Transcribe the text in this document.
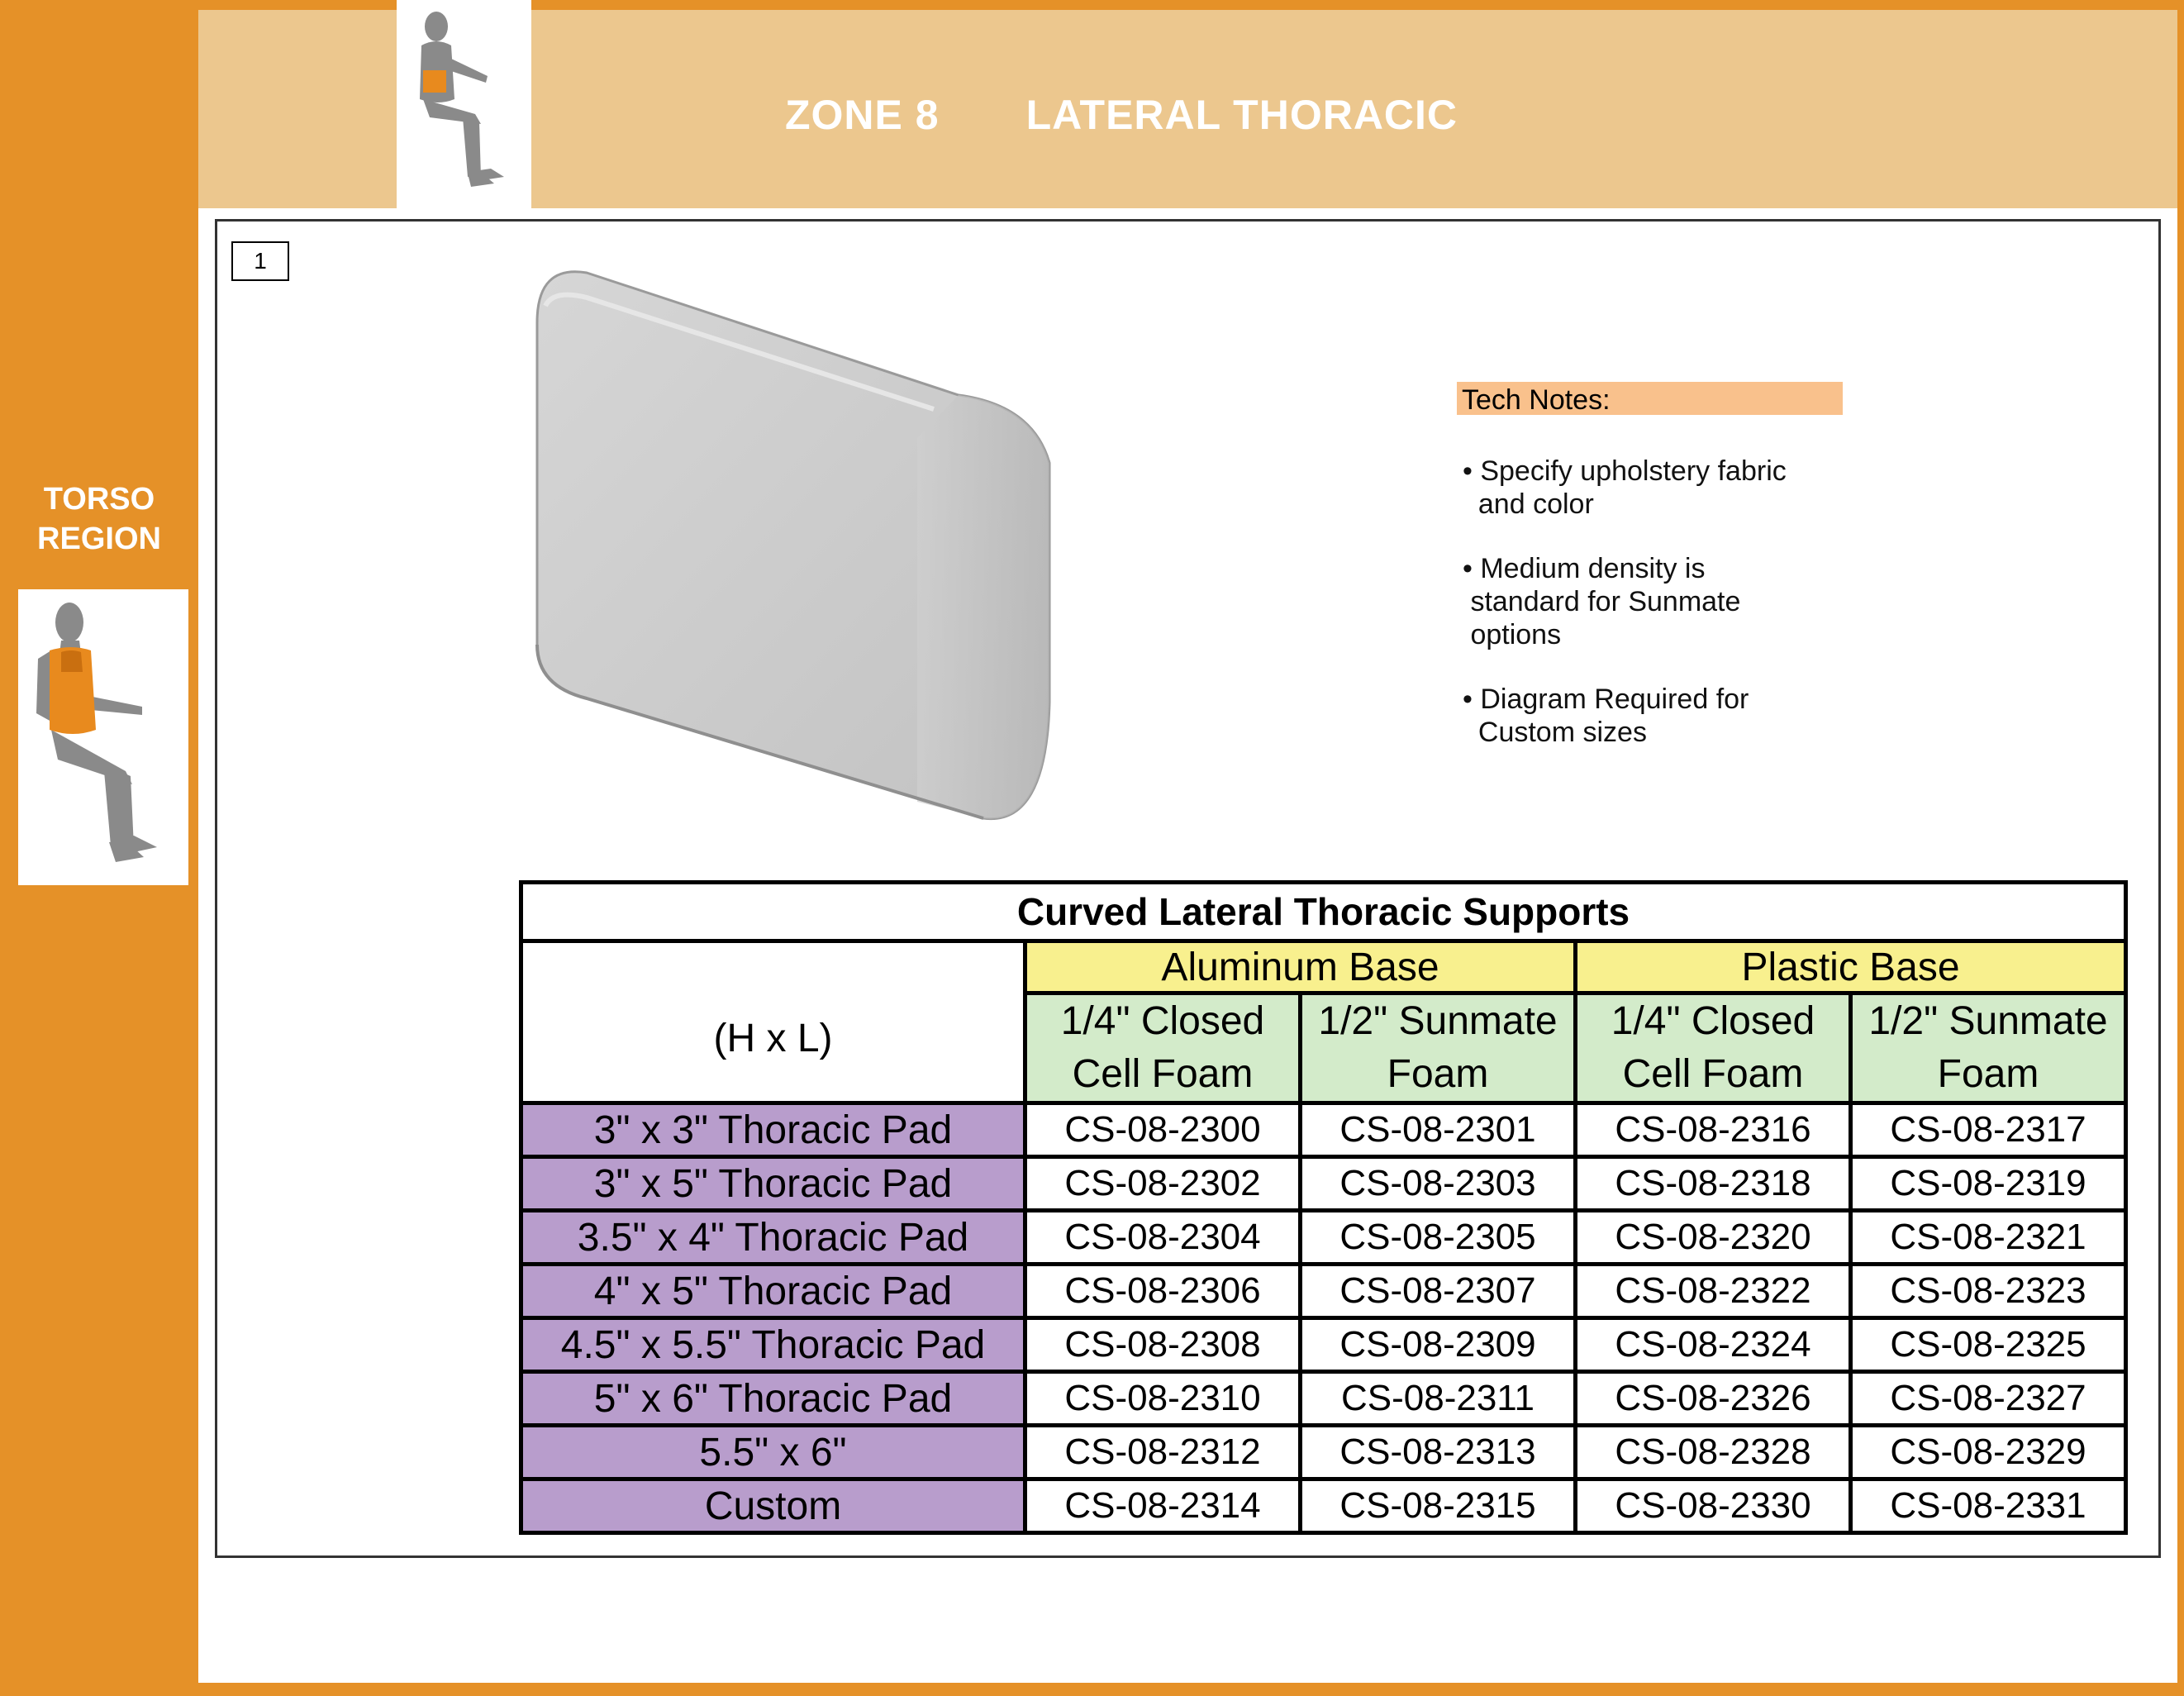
ZONE 8 LATERAL THORACIC
TORSO
REGION
1
Tech Notes:
• Specify upholstery fabric
and color
• Medium density is
standard for Sunmate
options
• Diagram Required for
Custom sizes
Curved Lateral Thoracic Supports				
(H x L)	Aluminum Base		Plastic Base	
	1/4" Closed Cell Foam	1/2" Sunmate Foam	1/4" Closed Cell Foam	1/2" Sunmate Foam
3" x 3" Thoracic Pad	CS-08-2300	CS-08-2301	CS-08-2316	CS-08-2317
3" x 5" Thoracic Pad	CS-08-2302	CS-08-2303	CS-08-2318	CS-08-2319
3.5" x 4" Thoracic Pad	CS-08-2304	CS-08-2305	CS-08-2320	CS-08-2321
4" x 5" Thoracic Pad	CS-08-2306	CS-08-2307	CS-08-2322	CS-08-2323
4.5" x 5.5" Thoracic Pad	CS-08-2308	CS-08-2309	CS-08-2324	CS-08-2325
5" x 6" Thoracic Pad	CS-08-2310	CS-08-2311	CS-08-2326	CS-08-2327
5.5" x 6"	CS-08-2312	CS-08-2313	CS-08-2328	CS-08-2329
Custom	CS-08-2314	CS-08-2315	CS-08-2330	CS-08-2331
